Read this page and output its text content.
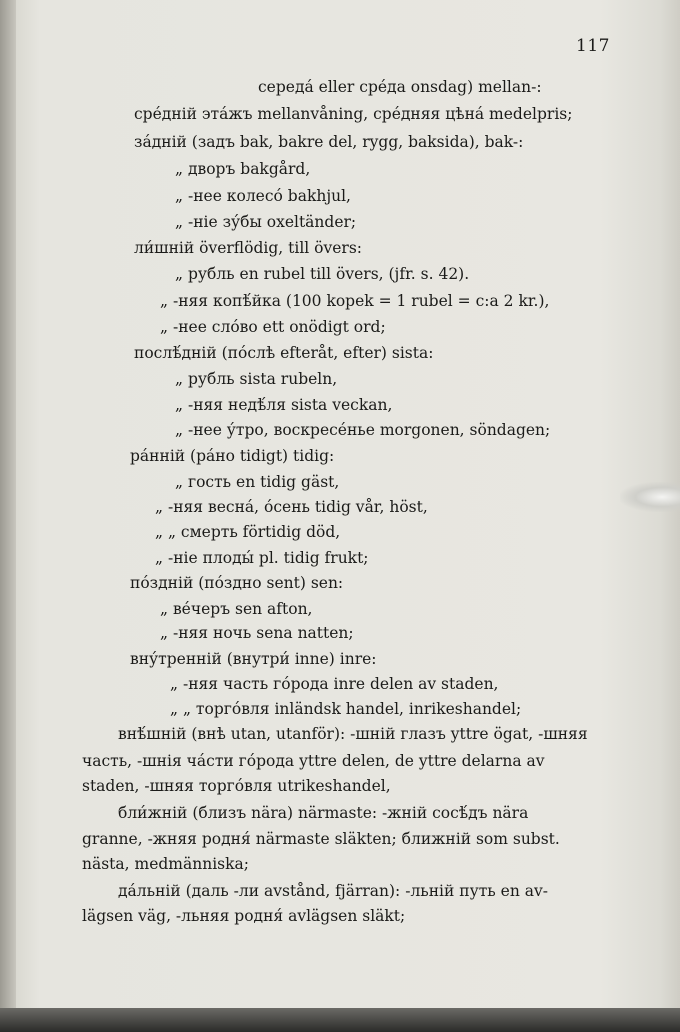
117
середа́ eller сре́да onsdag) mellan-:
сре́днiй эта́жъ mellanvåning, сре́дняя цѣна́ medelpris;
за́днiй (задъ bak, bakre del, rygg, baksida), bak-:
„ дворъ bakgård,
„ -нее колесо́ bakhjul,
„ -нiе зу́бы oxeltänder;
ли́шнiй överflödig, till övers:
„ рубль en rubel till övers, (jfr. s. 42).
„ -няя копѣ́йка (100 kopek = 1 rubel = c:a 2 kr.),
„ -нее сло́во ett onödigt ord;
послѣ́днiй (по́слѣ efteråt, efter) sista:
„ рубль sista rubeln,
„ -няя недѣ́ля sista veckan,
„ -нее у́тро, воскресе́нье morgonen, söndagen;
ра́ннiй (ра́но tidigt) tidig:
„ гость en tidig gäst,
„ -няя весна́, о́сень tidig vår, höst,
„ „ смерть förtidig död,
„ -нiе плоды́ pl. tidig frukt;
по́зднiй (по́здно sent) sen:
„ ве́черъ sen afton,
„ -няя ночь sena natten;
вну́треннiй (внутри́ inne) inre:
„ -няя часть го́рода inre delen av staden,
„ „ торго́вля inländsk handel, inrikeshandel;
внѣ́шнiй (внѣ utan, utanför): -шнiй глазъ yttre ögat, -шняя
часть, -шнiя ча́сти го́рода yttre delen, de yttre delarna av
staden, -шняя торго́вля utrikeshandel,
бли́жнiй (близъ nära) närmaste: -жнiй сосѣ́дъ nära
granne, -жняя родня́ närmaste släkten; ближнiй som subst.
nästa, medmänniska;
да́льнiй (даль -ли avstånd, fjärran): -льнiй путь en av-
lägsen väg, -льняя родня́ avlägsen släkt;
